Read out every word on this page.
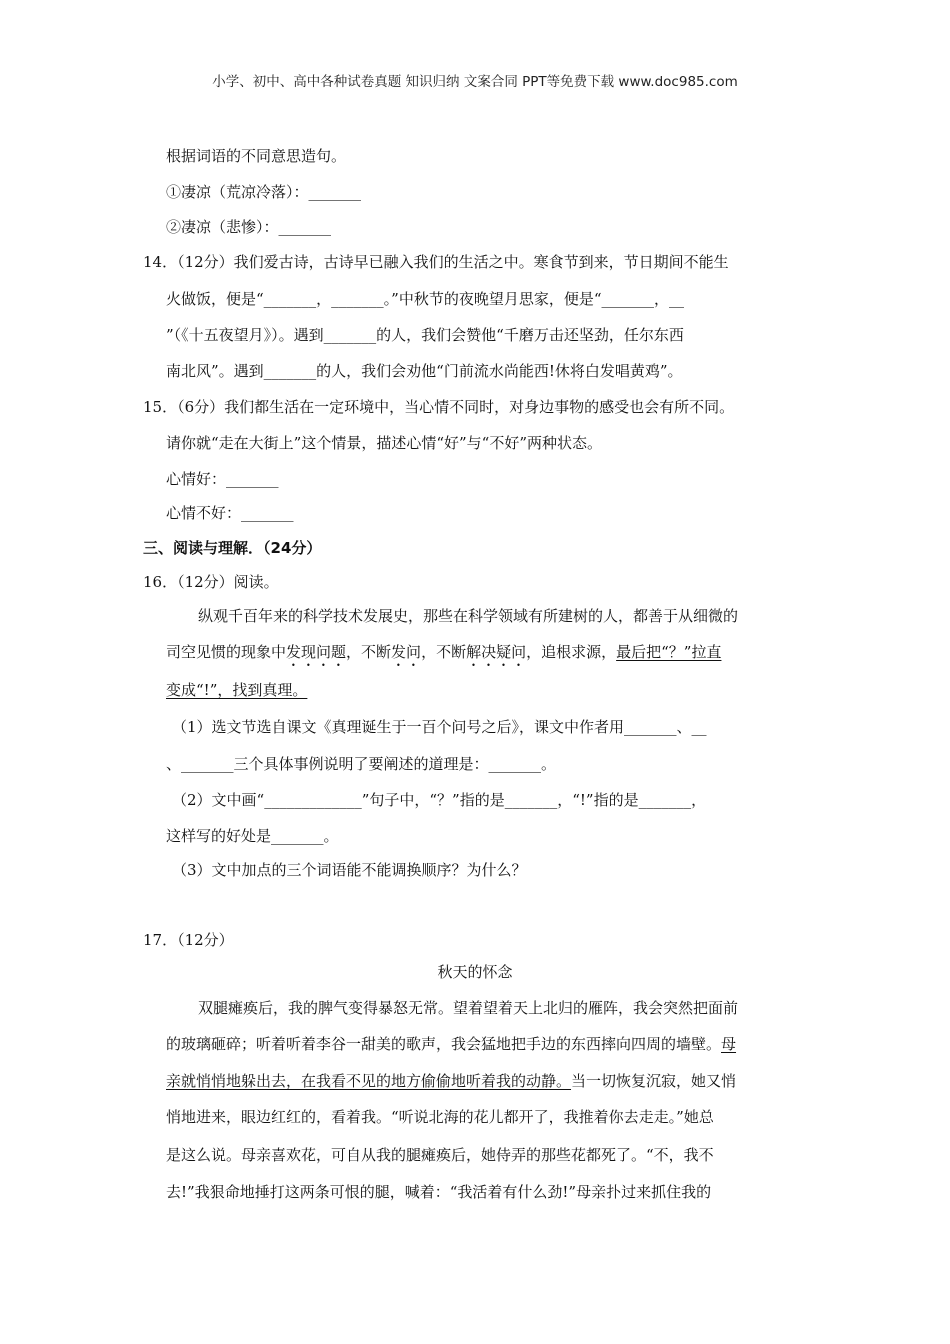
小学、初中、高中各种试卷真题 知识归纳 文案合同 PPT等免费下载 www.doc985.com
根据词语的不同意思造句。
①凄凉（荒凉冷落）：_______
②凄凉（悲惨）：_______
14．（12分）我们爱古诗，古诗早已融入我们的生活之中。寒食节到来，节日期间不能生
火做饭，便是“_______，_______。”中秋节的夜晚望月思家，便是“_______，__
”（《十五夜望月》）。遇到_______的人，我们会赞他“千磨万击还坚劲，任尔东西
南北风”。遇到_______的人，我们会劝他“门前流水尚能西!休将白发唱黄鸡”。
15．（6分）我们都生活在一定环境中，当心情不同时，对身边事物的感受也会有所不同。
请你就“走在大街上”这个情景，描述心情“好”与“不好”两种状态。
心情好：_______
心情不好：_______
三、阅读与理解．（24分）
16．（12分）阅读。
纵观千百年来的科学技术发展史，那些在科学领域有所建树的人，都善于从细微的
司空见惯的现象中发现问题，不断发问，不断解决疑问，追根求源，最后把“？”拉直
变成“!”，找到真理。
（1）选文节选自课文《真理诞生于一百个问号之后》，课文中作者用_______、__
、_______三个具体事例说明了要阐述的道理是：_______。
（2）文中画“_____________”句子中，“？”指的是_______，“!”指的是_______，
这样写的好处是_______。
（3）文中加点的三个词语能不能调换顺序？为什么？
17．（12分）
秋天的怀念
双腿瘫痪后，我的脾气变得暴怒无常。望着望着天上北归的雁阵，我会突然把面前
的玻璃砸碎；听着听着李谷一甜美的歌声，我会猛地把手边的东西摔向四周的墙壁。母
亲就悄悄地躲出去，在我看不见的地方偷偷地听着我的动静。当一切恢复沉寂，她又悄
悄地进来，眼边红红的，看着我。“听说北海的花儿都开了，我推着你去走走。”她总
是这么说。母亲喜欢花，可自从我的腿瘫痪后，她侍弄的那些花都死了。“不，我不
去!”我狠命地捶打这两条可恨的腿，喊着：“我活着有什么劲!”母亲扑过来抓住我的
